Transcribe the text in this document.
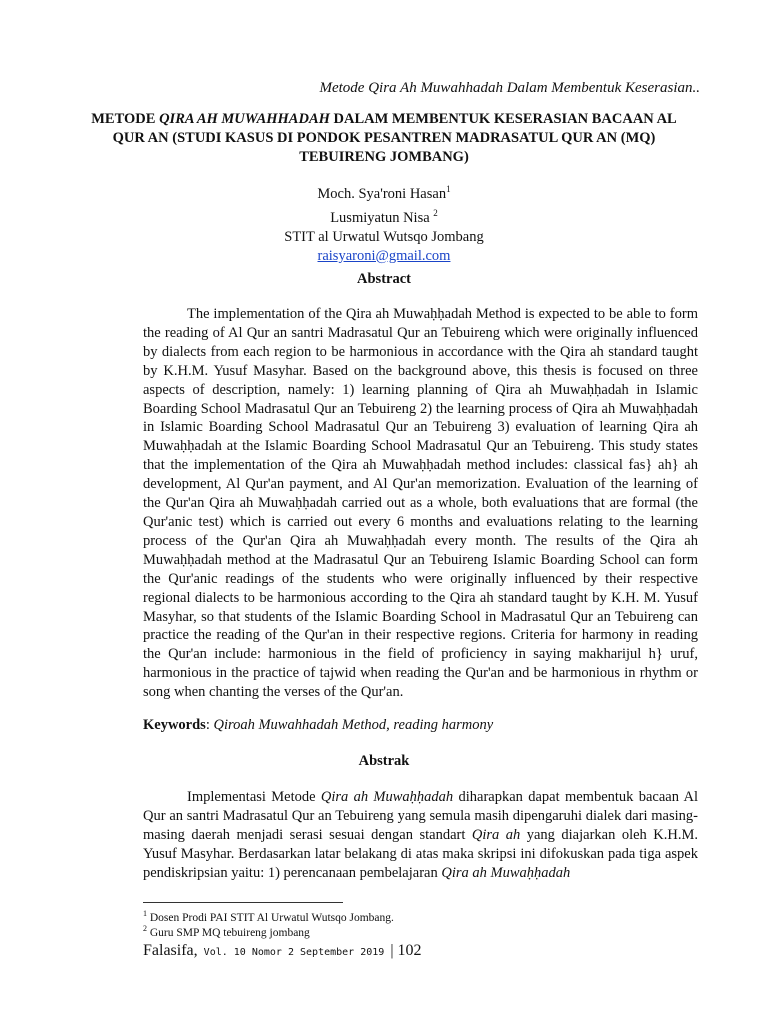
Metode Qira Ah Muwahhadah Dalam Membentuk Keserasian..
METODE QIRA AH MUWAHHADAH DALAM MEMBENTUK KESERASIAN BACAAN AL QUR AN (STUDI KASUS DI PONDOK PESANTREN MADRASATUL QUR AN (MQ) TEBUIRENG JOMBANG)
Moch. Sya'roni Hasan$^1$
Lusmiyatun Nisa $^2$
STIT al Urwatul Wutsqo Jombang
raisyaroni@gmail.com
Abstract

The implementation of the Qira ah Muwaḥḥadah Method is expected to be able to form the reading of Al Qur an santri Madrasatul Qur an Tebuireng which were originally influenced by dialects from each region to be harmonious in accordance with the Qira ah standard taught by K.H.M. Yusuf Masyhar. Based on the background above, this thesis is focused on three aspects of description, namely: 1) learning planning of Qira ah Muwaḥḥadah in Islamic Boarding School Madrasatul Qur an Tebuireng 2) the learning process of Qira ah Muwaḥḥadah in Islamic Boarding School Madrasatul Qur an Tebuireng 3) evaluation of learning Qira ah Muwaḥḥadah at the Islamic Boarding School Madrasatul Qur an Tebuireng. This study states that the implementation of the Qira ah Muwaḥḥadah method includes: classical fas} ah} ah development, Al Qur'an payment, and Al Qur'an memorization. Evaluation of the learning of the Qur'an Qira ah Muwaḥḥadah carried out as a whole, both evaluations that are formal (the Qur'anic test) which is carried out every 6 months and evaluations relating to the learning process of the Qur'an Qira ah Muwaḥḥadah every month. The results of the Qira ah Muwaḥḥadah method at the Madrasatul Qur an Tebuireng Islamic Boarding School can form the Qur'anic readings of the students who were originally influenced by their respective regional dialects to be harmonious according to the Qira ah standard taught by K.H. M. Yusuf Masyhar, so that students of the Islamic Boarding School in Madrasatul Qur an Tebuireng can practice the reading of the Qur'an in their respective regions. Criteria for harmony in reading the Qur'an include: harmonious in the field of proficiency in saying makharijul h} uruf, harmonious in the practice of tajwid when reading the Qur'an and be harmonious in rhythm or song when chanting the verses of the Qur'an.

Keywords: Qiroah Muwahhadah Method, reading harmony
Abstrak

Implementasi Metode Qira ah Muwaḥḥadah diharapkan dapat membentuk bacaan Al Qur an santri Madrasatul Qur an Tebuireng yang semula masih dipengaruhi dialek dari masing-masing daerah menjadi serasi sesuai dengan standart Qira ah yang diajarkan oleh K.H.M. Yusuf Masyhar. Berdasarkan latar belakang di atas maka skripsi ini difokuskan pada tiga aspek pendiskripsian yaitu: 1) perencanaan pembelajaran Qira ah Muwaḥḥadah

$^1$ Dosen Prodi PAI STIT Al Urwatul Wutsqo Jombang.
$^2$ Guru SMP MQ tebuireng jombang
Falasifa, Vol. 10 Nomor 2 September 2019 | 102
